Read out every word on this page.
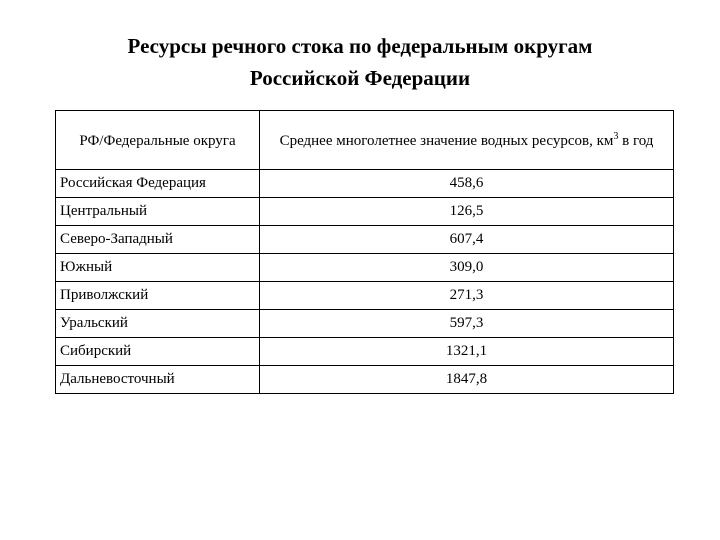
Ресурсы речного стока по федеральным округам
Российской Федерации
РФ/Федеральные округа	Среднее многолетнее значение водных ресурсов, $км^3$ в год
Российская Федерация	458,6
Центральный	126,5
Северо-Западный	607,4
Южный	309,0
Приволжский	271,3
Уральский	597,3
Сибирский	1321,1
Дальневосточный	1847,8
